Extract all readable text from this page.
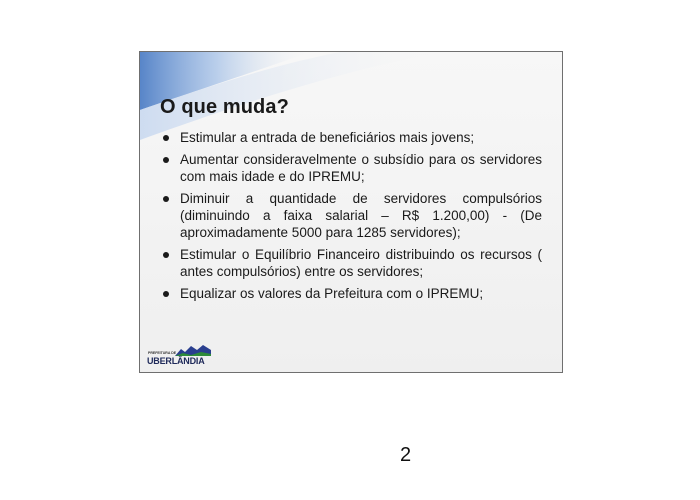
O que muda?
Estimular a entrada de beneficiários mais jovens;
Aumentar consideravelmente o subsídio para os servidores com mais idade e do IPREMU;
Diminuir a quantidade de servidores compulsórios (diminuindo a faixa salarial – R$ 1.200,00) - (De aproximadamente 5000 para 1285 servidores);
Estimular o Equilíbrio Financeiro distribuindo os recursos ( antes compulsórios) entre os servidores;
Equalizar os valores da Prefeitura com o IPREMU;
PREFEITURA DE
UBERLÂNDIA
2
